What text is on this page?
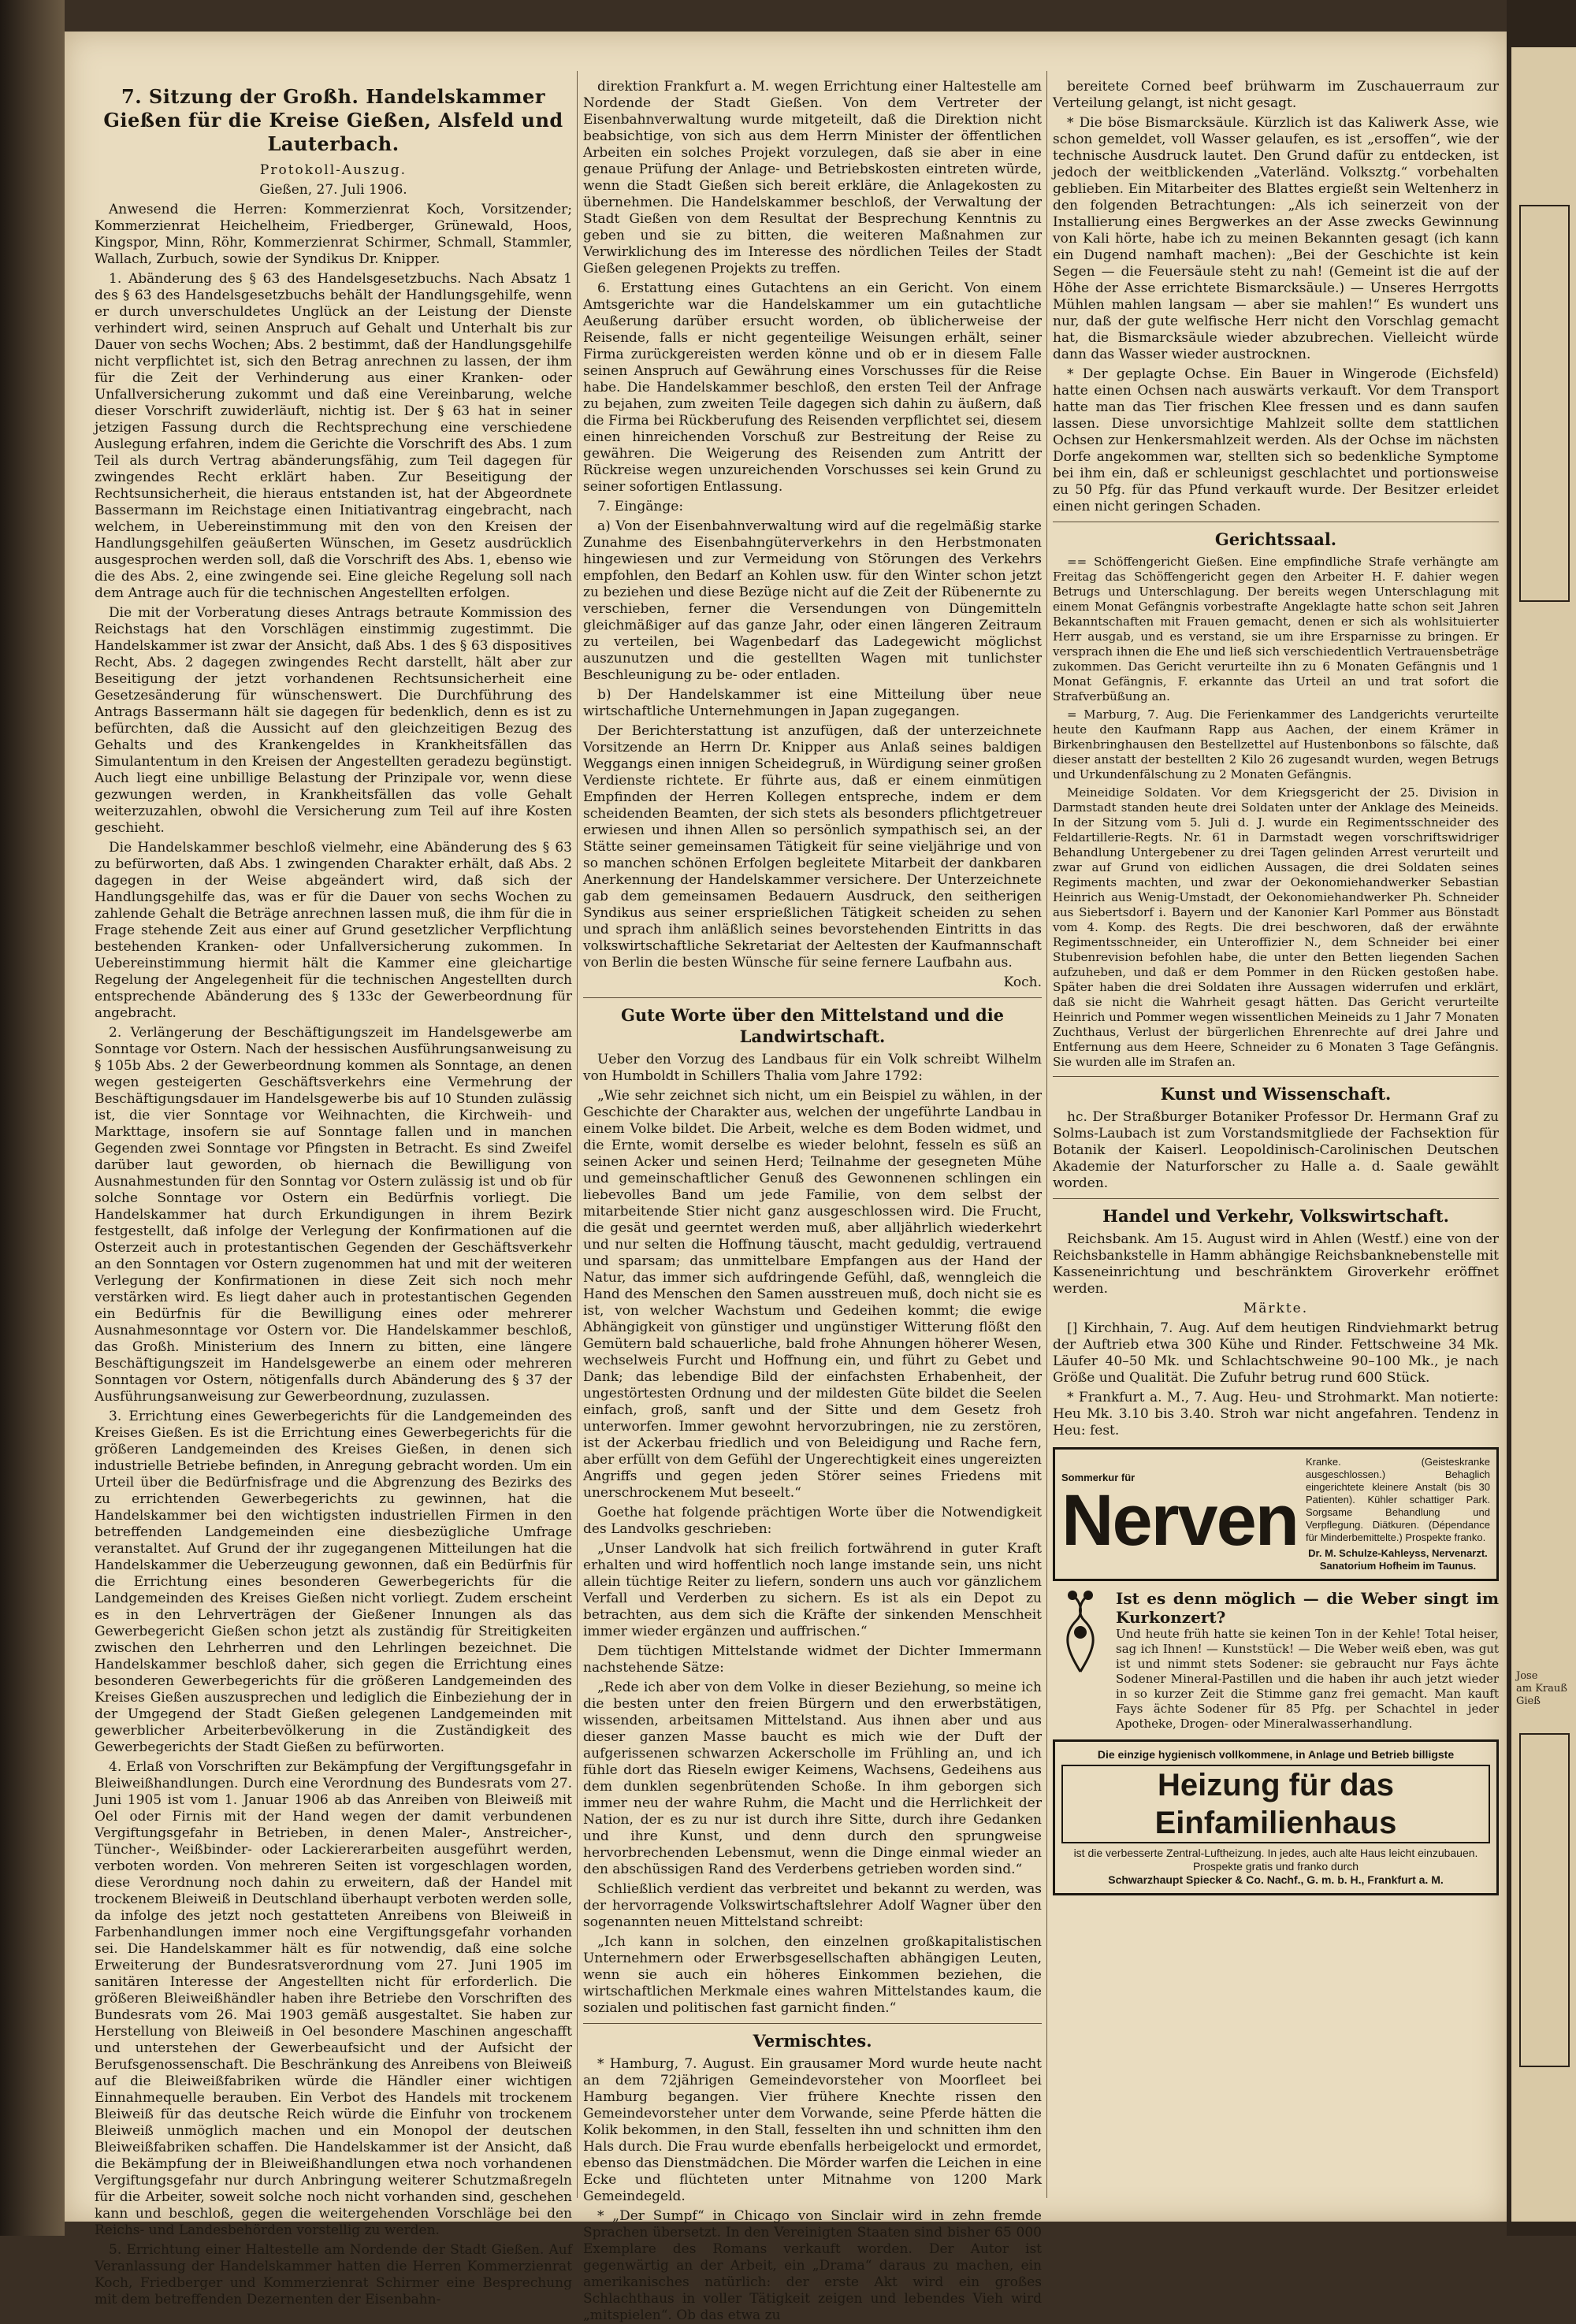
Jose
am Krauß
Gieß
7. Sitzung der Großh. Handelskammer Gießen für die Kreise Gießen, Alsfeld und Lauterbach.
Protokoll-Auszug.
Gießen, 27. Juli 1906.

Anwesend die Herren: Kommerzienrat Koch, Vorsitzender; Kommerzienrat Heichelheim, Friedberger, Grünewald, Hoos, Kingspor, Minn, Röhr, Kommerzienrat Schirmer, Schmall, Stammler, Wallach, Zurbuch, sowie der Syndikus Dr. Knipper.

1. Abänderung des § 63 des Handelsgesetzbuchs. Nach Absatz 1 des § 63 des Handelsgesetzbuchs behält der Handlungsgehilfe, wenn er durch unverschuldetes Unglück an der Leistung der Dienste verhindert wird, seinen Anspruch auf Gehalt und Unterhalt bis zur Dauer von sechs Wochen; Abs. 2 bestimmt, daß der Handlungsgehilfe nicht verpflichtet ist, sich den Betrag anrechnen zu lassen, der ihm für die Zeit der Verhinderung aus einer Kranken- oder Unfallversicherung zukommt und daß eine Vereinbarung, welche dieser Vorschrift zuwiderläuft, nichtig ist. Der § 63 hat in seiner jetzigen Fassung durch die Rechtsprechung eine verschiedene Auslegung erfahren, indem die Gerichte die Vorschrift des Abs. 1 zum Teil als durch Vertrag abänderungsfähig, zum Teil dagegen für zwingendes Recht erklärt haben. Zur Beseitigung der Rechtsunsicherheit, die hieraus entstanden ist, hat der Abgeordnete Bassermann im Reichstage einen Initiativantrag eingebracht, nach welchem, in Uebereinstimmung mit den von den Kreisen der Handlungsgehilfen geäußerten Wünschen, im Gesetz ausdrücklich ausgesprochen werden soll, daß die Vorschrift des Abs. 1, ebenso wie die des Abs. 2, eine zwingende sei. Eine gleiche Regelung soll nach dem Antrage auch für die technischen Angestellten erfolgen.

Die mit der Vorberatung dieses Antrags betraute Kommission des Reichstags hat den Vorschlägen einstimmig zugestimmt. Die Handelskammer ist zwar der Ansicht, daß Abs. 1 des § 63 dispositives Recht, Abs. 2 dagegen zwingendes Recht darstellt, hält aber zur Beseitigung der jetzt vorhandenen Rechtsunsicherheit eine Gesetzesänderung für wünschenswert. Die Durchführung des Antrags Bassermann hält sie dagegen für bedenklich, denn es ist zu befürchten, daß die Aussicht auf den gleichzeitigen Bezug des Gehalts und des Krankengeldes in Krankheitsfällen das Simulantentum in den Kreisen der Angestellten geradezu begünstigt. Auch liegt eine unbillige Belastung der Prinzipale vor, wenn diese gezwungen werden, in Krankheitsfällen das volle Gehalt weiterzuzahlen, obwohl die Versicherung zum Teil auf ihre Kosten geschieht.

Die Handelskammer beschloß vielmehr, eine Abänderung des § 63 zu befürworten, daß Abs. 1 zwingenden Charakter erhält, daß Abs. 2 dagegen in der Weise abgeändert wird, daß sich der Handlungsgehilfe das, was er für die Dauer von sechs Wochen zu zahlende Gehalt die Beträge anrechnen lassen muß, die ihm für die in Frage stehende Zeit aus einer auf Grund gesetzlicher Verpflichtung bestehenden Kranken- oder Unfallversicherung zukommen. In Uebereinstimmung hiermit hält die Kammer eine gleichartige Regelung der Angelegenheit für die technischen Angestellten durch entsprechende Abänderung des § 133c der Gewerbeordnung für angebracht.

2. Verlängerung der Beschäftigungszeit im Handelsgewerbe am Sonntage vor Ostern. Nach der hessischen Ausführungsanweisung zu § 105b Abs. 2 der Gewerbeordnung kommen als Sonntage, an denen wegen gesteigerten Geschäftsverkehrs eine Vermehrung der Beschäftigungsdauer im Handelsgewerbe bis auf 10 Stunden zulässig ist, die vier Sonntage vor Weihnachten, die Kirchweih- und Markttage, insofern sie auf Sonntage fallen und in manchen Gegenden zwei Sonntage vor Pfingsten in Betracht. Es sind Zweifel darüber laut geworden, ob hiernach die Bewilligung von Ausnahmestunden für den Sonntag vor Ostern zulässig ist und ob für solche Sonntage vor Ostern ein Bedürfnis vorliegt. Die Handelskammer hat durch Erkundigungen in ihrem Bezirk festgestellt, daß infolge der Verlegung der Konfirmationen auf die Osterzeit auch in protestantischen Gegenden der Geschäftsverkehr an den Sonntagen vor Ostern zugenommen hat und mit der weiteren Verlegung der Konfirmationen in diese Zeit sich noch mehr verstärken wird. Es liegt daher auch in protestantischen Gegenden ein Bedürfnis für die Bewilligung eines oder mehrerer Ausnahmesonntage vor Ostern vor. Die Handelskammer beschloß, das Großh. Ministerium des Innern zu bitten, eine längere Beschäftigungszeit im Handelsgewerbe an einem oder mehreren Sonntagen vor Ostern, nötigenfalls durch Abänderung des § 37 der Ausführungsanweisung zur Gewerbeordnung, zuzulassen.

3. Errichtung eines Gewerbegerichts für die Landgemeinden des Kreises Gießen. Es ist die Errichtung eines Gewerbegerichts für die größeren Landgemeinden des Kreises Gießen, in denen sich industrielle Betriebe befinden, in Anregung gebracht worden. Um ein Urteil über die Bedürfnisfrage und die Abgrenzung des Bezirks des zu errichtenden Gewerbegerichts zu gewinnen, hat die Handelskammer bei den wichtigsten industriellen Firmen in den betreffenden Landgemeinden eine diesbezügliche Umfrage veranstaltet. Auf Grund der ihr zugegangenen Mitteilungen hat die Handelskammer die Ueberzeugung gewonnen, daß ein Bedürfnis für die Errichtung eines besonderen Gewerbegerichts für die Landgemeinden des Kreises Gießen nicht vorliegt. Zudem erscheint es in den Lehrverträgen der Gießener Innungen als das Gewerbegericht Gießen schon jetzt als zuständig für Streitigkeiten zwischen den Lehrherren und den Lehrlingen bezeichnet. Die Handelskammer beschloß daher, sich gegen die Errichtung eines besonderen Gewerbegerichts für die größeren Landgemeinden des Kreises Gießen auszusprechen und lediglich die Einbeziehung der in der Umgegend der Stadt Gießen gelegenen Landgemeinden mit gewerblicher Arbeiterbevölkerung in die Zuständigkeit des Gewerbegerichts der Stadt Gießen zu befürworten.

4. Erlaß von Vorschriften zur Bekämpfung der Vergiftungsgefahr in Bleiweißhandlungen. Durch eine Verordnung des Bundesrats vom 27. Juni 1905 ist vom 1. Januar 1906 ab das Anreiben von Bleiweiß mit Oel oder Firnis mit der Hand wegen der damit verbundenen Vergiftungsgefahr in Betrieben, in denen Maler-, Anstreicher-, Tüncher-, Weißbinder- oder Lackiererarbeiten ausgeführt werden, verboten worden. Von mehreren Seiten ist vorgeschlagen worden, diese Verordnung noch dahin zu erweitern, daß der Handel mit trockenem Bleiweiß in Deutschland überhaupt verboten werden solle, da infolge des jetzt noch gestatteten Anreibens von Bleiweiß in Farbenhandlungen immer noch eine Vergiftungsgefahr vorhanden sei. Die Handelskammer hält es für notwendig, daß eine solche Erweiterung der Bundesratsverordnung vom 27. Juni 1905 im sanitären Interesse der Angestellten nicht für erforderlich. Die größeren Bleiweißhändler haben ihre Betriebe den Vorschriften des Bundesrats vom 26. Mai 1903 gemäß ausgestaltet. Sie haben zur Herstellung von Bleiweiß in Oel besondere Maschinen angeschafft und unterstehen der Gewerbeaufsicht und der Aufsicht der Berufsgenossenschaft. Die Beschränkung des Anreibens von Bleiweiß auf die Bleiweißfabriken würde die Händler einer wichtigen Einnahmequelle berauben. Ein Verbot des Handels mit trockenem Bleiweiß für das deutsche Reich würde die Einfuhr von trockenem Bleiweiß unmöglich machen und ein Monopol der deutschen Bleiweißfabriken schaffen. Die Handelskammer ist der Ansicht, daß die Bekämpfung der in Bleiweißhandlungen etwa noch vorhandenen Vergiftungsgefahr nur durch Anbringung weiterer Schutzmaßregeln für die Arbeiter, soweit solche noch nicht vorhanden sind, geschehen kann und beschloß, gegen die weitergehenden Vorschläge bei den Reichs- und Landesbehörden vorstellig zu werden.

5. Errichtung einer Haltestelle am Nordende der Stadt Gießen. Auf Veranlassung der Handelskammer hatten die Herren Kommerzienrat Koch, Friedberger und Kommerzienrat Schirmer eine Besprechung mit dem betreffenden Dezernenten der Eisenbahn-

direktion Frankfurt a. M. wegen Errichtung einer Haltestelle am Nordende der Stadt Gießen. Von dem Vertreter der Eisenbahnverwaltung wurde mitgeteilt, daß die Direktion nicht beabsichtige, von sich aus dem Herrn Minister der öffentlichen Arbeiten ein solches Projekt vorzulegen, daß sie aber in eine genaue Prüfung der Anlage- und Betriebskosten eintreten würde, wenn die Stadt Gießen sich bereit erkläre, die Anlagekosten zu übernehmen. Die Handelskammer beschloß, der Verwaltung der Stadt Gießen von dem Resultat der Besprechung Kenntnis zu geben und sie zu bitten, die weiteren Maßnahmen zur Verwirklichung des im Interesse des nördlichen Teiles der Stadt Gießen gelegenen Projekts zu treffen.

6. Erstattung eines Gutachtens an ein Gericht. Von einem Amtsgerichte war die Handelskammer um ein gutachtliche Aeußerung darüber ersucht worden, ob üblicherweise der Reisende, falls er nicht gegenteilige Weisungen erhält, seiner Firma zurückgereisten werden könne und ob er in diesem Falle seinen Anspruch auf Gewährung eines Vorschusses für die Reise habe. Die Handelskammer beschloß, den ersten Teil der Anfrage zu bejahen, zum zweiten Teile dagegen sich dahin zu äußern, daß die Firma bei Rückberufung des Reisenden verpflichtet sei, diesem einen hinreichenden Vorschuß zur Bestreitung der Reise zu gewähren. Die Weigerung des Reisenden zum Antritt der Rückreise wegen unzureichenden Vorschusses sei kein Grund zu seiner sofortigen Entlassung.

7. Eingänge:

a) Von der Eisenbahnverwaltung wird auf die regelmäßig starke Zunahme des Eisenbahngüterverkehrs in den Herbstmonaten hingewiesen und zur Vermeidung von Störungen des Verkehrs empfohlen, den Bedarf an Kohlen usw. für den Winter schon jetzt zu beziehen und diese Bezüge nicht auf die Zeit der Rübenernte zu verschieben, ferner die Versendungen von Düngemitteln gleichmäßiger auf das ganze Jahr, oder einen längeren Zeitraum zu verteilen, bei Wagenbedarf das Ladegewicht möglichst auszunutzen und die gestellten Wagen mit tunlichster Beschleunigung zu be- oder entladen.

b) Der Handelskammer ist eine Mitteilung über neue wirtschaftliche Unternehmungen in Japan zugegangen.

Der Berichterstattung ist anzufügen, daß der unterzeichnete Vorsitzende an Herrn Dr. Knipper aus Anlaß seines baldigen Weggangs einen innigen Scheidegruß, in Würdigung seiner großen Verdienste richtete. Er führte aus, daß er einem einmütigen Empfinden der Herren Kollegen entspreche, indem er dem scheidenden Beamten, der sich stets als besonders pflichtgetreuer erwiesen und ihnen Allen so persönlich sympathisch sei, an der Stätte seiner gemeinsamen Tätigkeit für seine vieljährige und von so manchen schönen Erfolgen begleitete Mitarbeit der dankbaren Anerkennung der Handelskammer versichere. Der Unterzeichnete gab dem gemeinsamen Bedauern Ausdruck, den seitherigen Syndikus aus seiner ersprießlichen Tätigkeit scheiden zu sehen und sprach ihm anläßlich seines bevorstehenden Eintritts in das volkswirtschaftliche Sekretariat der Aeltesten der Kaufmannschaft von Berlin die besten Wünsche für seine fernere Laufbahn aus.

Koch.
Gute Worte über den Mittelstand und die Landwirtschaft.

Ueber den Vorzug des Landbaus für ein Volk schreibt Wilhelm von Humboldt in Schillers Thalia vom Jahre 1792:

„Wie sehr zeichnet sich nicht, um ein Beispiel zu wählen, in der Geschichte der Charakter aus, welchen der ungeführte Landbau in einem Volke bildet. Die Arbeit, welche es dem Boden widmet, und die Ernte, womit derselbe es wieder belohnt, fesseln es süß an seinen Acker und seinen Herd; Teilnahme der gesegneten Mühe und gemeinschaftlicher Genuß des Gewonnenen schlingen ein liebevolles Band um jede Familie, von dem selbst der mitarbeitende Stier nicht ganz ausgeschlossen wird. Die Frucht, die gesät und geerntet werden muß, aber alljährlich wiederkehrt und nur selten die Hoffnung täuscht, macht geduldig, vertrauend und sparsam; das unmittelbare Empfangen aus der Hand der Natur, das immer sich aufdringende Gefühl, daß, wenngleich die Hand des Menschen den Samen ausstreuen muß, doch nicht sie es ist, von welcher Wachstum und Gedeihen kommt; die ewige Abhängigkeit von günstiger und ungünstiger Witterung flößt den Gemütern bald schauerliche, bald frohe Ahnungen höherer Wesen, wechselweis Furcht und Hoffnung ein, und führt zu Gebet und Dank; das lebendige Bild der einfachsten Erhabenheit, der ungestörtesten Ordnung und der mildesten Güte bildet die Seelen einfach, groß, sanft und der Sitte und dem Gesetz froh unterworfen. Immer gewohnt hervorzubringen, nie zu zerstören, ist der Ackerbau friedlich und von Beleidigung und Rache fern, aber erfüllt von dem Gefühl der Ungerechtigkeit eines ungereizten Angriffs und gegen jeden Störer seines Friedens mit unerschrockenem Mut beseelt.“

Goethe hat folgende prächtigen Worte über die Notwendigkeit des Landvolks geschrieben:

„Unser Landvolk hat sich freilich fortwährend in guter Kraft erhalten und wird hoffentlich noch lange imstande sein, uns nicht allein tüchtige Reiter zu liefern, sondern uns auch vor gänzlichem Verfall und Verderben zu sichern. Es ist als ein Depot zu betrachten, aus dem sich die Kräfte der sinkenden Menschheit immer wieder ergänzen und auffrischen.“

Dem tüchtigen Mittelstande widmet der Dichter Immermann nachstehende Sätze:

„Rede ich aber von dem Volke in dieser Beziehung, so meine ich die besten unter den freien Bürgern und den erwerbstätigen, wissenden, arbeitsamen Mittelstand. Aus ihnen aber und aus dieser ganzen Masse baucht es mich wie der Duft der aufgerissenen schwarzen Ackerscholle im Frühling an, und ich fühle dort das Rieseln ewiger Keimens, Wachsens, Gedeihens aus dem dunklen segenbrütenden Schoße. In ihm geborgen sich immer neu der wahre Ruhm, die Macht und die Herrlichkeit der Nation, der es zu nur ist durch ihre Sitte, durch ihre Gedanken und ihre Kunst, und denn durch den sprungweise hervorbrechenden Lebensmut, wenn die Dinge einmal wieder an den abschüssigen Rand des Verderbens getrieben worden sind.“

Schließlich verdient das verbreitet und bekannt zu werden, was der hervorragende Volkswirtschaftslehrer Adolf Wagner über den sogenannten neuen Mittelstand schreibt:

„Ich kann in solchen, den einzelnen großkapitalistischen Unternehmern oder Erwerbsgesellschaften abhängigen Leuten, wenn sie auch ein höheres Einkommen beziehen, die wirtschaftlichen Merkmale eines wahren Mittelstandes kaum, die sozialen und politischen fast garnicht finden.“

Vermischtes.

* Hamburg, 7. August. Ein grausamer Mord wurde heute nacht an dem 72jährigen Gemeindevorsteher von Moorfleet bei Hamburg begangen. Vier frühere Knechte rissen den Gemeindevorsteher unter dem Vorwande, seine Pferde hätten die Kolik bekommen, in den Stall, fesselten ihn und schnitten ihm den Hals durch. Die Frau wurde ebenfalls herbeigelockt und ermordet, ebenso das Dienstmädchen. Die Mörder warfen die Leichen in eine Ecke und flüchteten unter Mitnahme von 1200 Mark Gemeindegeld.

* „Der Sumpf“ in Chicago von Sinclair wird in zehn fremde Sprachen übersetzt. In den Vereinigten Staaten sind bisher 65 000 Exemplare des Romans verkauft worden. Der Autor ist gegenwärtig an der Arbeit, ein „Drama“ daraus zu machen, ein amerikanisches natürlich: der erste Akt wird ein großes Schlachthaus in voller Tätigkeit zeigen und lebendes Vieh wird „mitspielen“. Ob das etwa zu

bereitete Corned beef brühwarm im Zuschauerraum zur Verteilung gelangt, ist nicht gesagt.

* Die böse Bismarcksäule. Kürzlich ist das Kaliwerk Asse, wie schon gemeldet, voll Wasser gelaufen, es ist „ersoffen“, wie der technische Ausdruck lautet. Den Grund dafür zu entdecken, ist jedoch der weitblickenden „Vaterländ. Volksztg.“ vorbehalten geblieben. Ein Mitarbeiter des Blattes ergießt sein Weltenherz in den folgenden Betrachtungen: „Als ich seinerzeit von der Installierung eines Bergwerkes an der Asse zwecks Gewinnung von Kali hörte, habe ich zu meinen Bekannten gesagt (ich kann ein Dugend namhaft machen): „Bei der Geschichte ist kein Segen — die Feuersäule steht zu nah! (Gemeint ist die auf der Höhe der Asse errichtete Bismarcksäule.) — Unseres Herrgotts Mühlen mahlen langsam — aber sie mahlen!“ Es wundert uns nur, daß der gute welfische Herr nicht den Vorschlag gemacht hat, die Bismarcksäule wieder abzubrechen. Vielleicht würde dann das Wasser wieder austrocknen.

* Der geplagte Ochse. Ein Bauer in Wingerode (Eichsfeld) hatte einen Ochsen nach auswärts verkauft. Vor dem Transport hatte man das Tier frischen Klee fressen und es dann saufen lassen. Diese unvorsichtige Mahlzeit sollte dem stattlichen Ochsen zur Henkersmahlzeit werden. Als der Ochse im nächsten Dorfe angekommen war, stellten sich so bedenkliche Symptome bei ihm ein, daß er schleunigst geschlachtet und portionsweise zu 50 Pfg. für das Pfund verkauft wurde. Der Besitzer erleidet einen nicht geringen Schaden.

Gerichtssaal.

== Schöffengericht Gießen. Eine empfindliche Strafe verhängte am Freitag das Schöffengericht gegen den Arbeiter H. F. dahier wegen Betrugs und Unterschlagung. Der bereits wegen Unterschlagung mit einem Monat Gefängnis vorbestrafte Angeklagte hatte schon seit Jahren Bekanntschaften mit Frauen gemacht, denen er sich als wohlsituierter Herr ausgab, und es verstand, sie um ihre Ersparnisse zu bringen. Er versprach ihnen die Ehe und ließ sich verschiedentlich Vertrauensbeträge zukommen. Das Gericht verurteilte ihn zu 6 Monaten Gefängnis und 1 Monat Gefängnis, F. erkannte das Urteil an und trat sofort die Strafverbüßung an.

= Marburg, 7. Aug. Die Ferienkammer des Landgerichts verurteilte heute den Kaufmann Rapp aus Aachen, der einem Krämer in Birkenbringhausen den Bestellzettel auf Hustenbonbons so fälschte, daß dieser anstatt der bestellten 2 Kilo 26 zugesandt wurden, wegen Betrugs und Urkundenfälschung zu 2 Monaten Gefängnis.

Meineidige Soldaten. Vor dem Kriegsgericht der 25. Division in Darmstadt standen heute drei Soldaten unter der Anklage des Meineids. In der Sitzung vom 5. Juli d. J. wurde ein Regimentsschneider des Feldartillerie-Regts. Nr. 61 in Darmstadt wegen vorschriftswidriger Behandlung Untergebener zu drei Tagen gelinden Arrest verurteilt und zwar auf Grund von eidlichen Aussagen, die drei Soldaten seines Regiments machten, und zwar der Oekonomiehandwerker Sebastian Heinrich aus Wenig-Umstadt, der Oekonomiehandwerker Ph. Schneider aus Siebertsdorf i. Bayern und der Kanonier Karl Pommer aus Bönstadt vom 4. Komp. des Regts. Die drei beschworen, daß der erwähnte Regimentsschneider, ein Unteroffizier N., dem Schneider bei einer Stubenrevision befohlen habe, die unter den Betten liegenden Sachen aufzuheben, und daß er dem Pommer in den Rücken gestoßen habe. Später haben die drei Soldaten ihre Aussagen widerrufen und erklärt, daß sie nicht die Wahrheit gesagt hätten. Das Gericht verurteilte Heinrich und Pommer wegen wissentlichen Meineids zu 1 Jahr 7 Monaten Zuchthaus, Verlust der bürgerlichen Ehrenrechte auf drei Jahre und Entfernung aus dem Heere, Schneider zu 6 Monaten 3 Tage Gefängnis. Sie wurden alle im Strafen an.

Kunst und Wissenschaft.

hc. Der Straßburger Botaniker Professor Dr. Hermann Graf zu Solms-Laubach ist zum Vorstandsmitgliede der Fachsektion für Botanik der Kaiserl. Leopoldinisch-Carolinischen Deutschen Akademie der Naturforscher zu Halle a. d. Saale gewählt worden.

Handel und Verkehr, Volkswirtschaft.

Reichsbank. Am 15. August wird in Ahlen (Westf.) eine von der Reichsbankstelle in Hamm abhängige Reichsbanknebenstelle mit Kasseneinrichtung und beschränktem Giroverkehr eröffnet werden.

Märkte.

[] Kirchhain, 7. Aug. Auf dem heutigen Rindviehmarkt betrug der Auftrieb etwa 300 Kühe und Rinder. Fettschweine 34 Mk. Läufer 40–50 Mk. und Schlachtschweine 90–100 Mk., je nach Größe und Qualität. Die Zufuhr betrug rund 600 Stück.

* Frankfurt a. M., 7. Aug. Heu- und Strohmarkt. Man notierte: Heu Mk. 3.10 bis 3.40. Stroh war nicht angefahren. Tendenz in Heu: fest.

Sommerkur für
Nerven
Kranke. (Geisteskranke ausgeschlossen.) Behaglich eingerichtete kleinere Anstalt (bis 30 Patienten). Kühler schattiger Park. Sorgsame Behandlung und Verpflegung. Diätkuren. (Dépendance für Minderbemittelte.) Prospekte franko.
Dr. M. Schulze-Kahleyss, Nervenarzt. Sanatorium Hofheim im Taunus.
Ist es denn möglich — die Weber singt im Kurkonzert?
Und heute früh hatte sie keinen Ton in der Kehle! Total heiser, sag ich Ihnen! — Kunststück! — Die Weber weiß eben, was gut ist und nimmt stets Sodener: sie gebraucht nur Fays ächte Sodener Mineral-Pastillen und die haben ihr auch jetzt wieder in so kurzer Zeit die Stimme ganz frei gemacht. Man kauft Fays ächte Sodener für 85 Pfg. per Schachtel in jeder Apotheke, Drogen- oder Mineralwasserhandlung.
Die einzige hygienisch vollkommene, in Anlage und Betrieb billigste
Heizung für das Einfamilienhaus
ist die verbesserte Zentral-Luftheizung. In jedes, auch alte Haus leicht einzubauen. Prospekte gratis und franko durch
Schwarzhaupt Spiecker & Co. Nachf., G. m. b. H., Frankfurt a. M.
